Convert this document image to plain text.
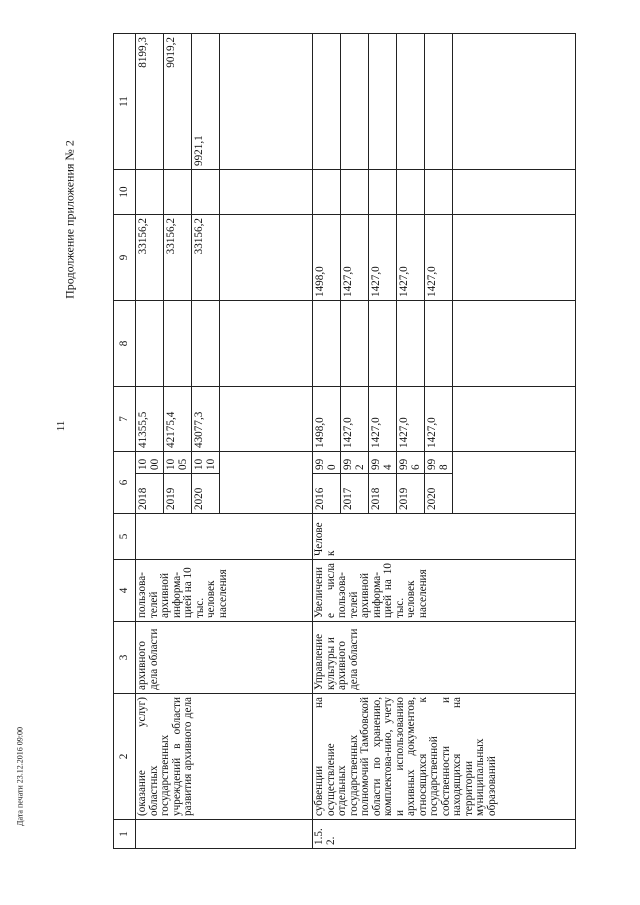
11
Продолжение приложения № 2
Дата печати 23.12.2016 09:00
1	2	3	4	5	6		7	8	9	10	11
	(оказание услуг) областных государственных учреждений в области развития архивного дела	архивного дела области	пользова-телей архивной информа-цией на 10 тыс. человек населения		2018	1000	41355,5		33156,2		8199,3
					2019	1005	42175,4		33156,2		9019,2
					2020	1010	43077,3		33156,2		9921,1

1.5.2.	субвенции на осуществление отдельных государственных полномочий Тамбовской области по хранению, комплектова-нию, учету и использованию архивных документов, относящихся к государственной собственности и находящихся на территории муниципальных образований	Управление культуры и архивного дела области	Увеличение числа пользова-телей архивной информа-цией на 10 тыс. человек населения	Человек	2016	990	1498,0		1498,0		
					2017	992	1427,0		1427,0		
					2018	994	1427,0		1427,0		
					2019	996	1427,0		1427,0		
					2020	998	1427,0		1427,0		
